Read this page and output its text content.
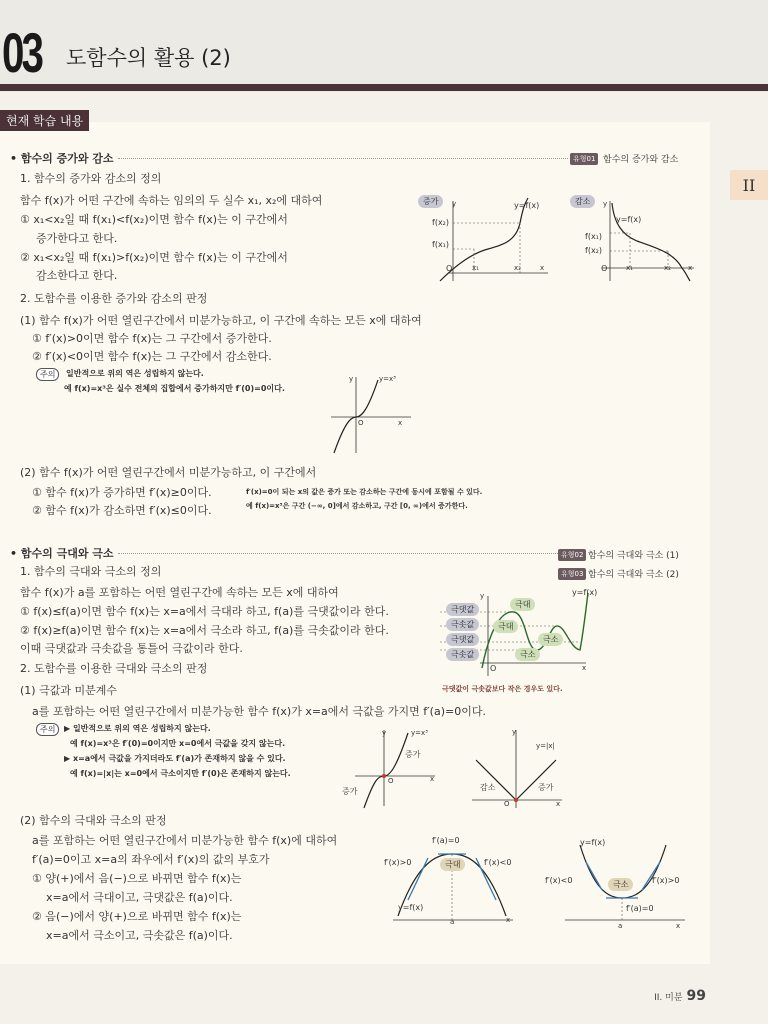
03 도함수의 활용 (2)
현재 학습 내용
II
• 함수의 증가와 감소	유형01 함수의 증가와 감소
1. 함수의 증가와 감소의 정의
함수 f(x)가 어떤 구간에 속하는 임의의 두 실수 x₁, x₂에 대하여
① x₁<x₂일 때 f(x₁)<f(x₂)이면 함수 f(x)는 이 구간에서
증가한다고 한다.
② x₁<x₂일 때 f(x₁)>f(x₂)이면 함수 f(x)는 이 구간에서
감소한다고 한다.
증가	y=f(x)
f(x₂)
f(x₁)
y
O	x₁	x₂	x
감소
y=f(x)
f(x₁)
f(x₂)
y
O	x₁	x₂ x
2. 도함수를 이용한 증가와 감소의 판정
(1) 함수 f(x)가 어떤 열린구간에서 미분가능하고, 이 구간에 속하는 모든 x에 대하여
① f′(x)>0이면 함수 f(x)는 그 구간에서 증가한다.
② f′(x)<0이면 함수 f(x)는 그 구간에서 감소한다.
주의	일반적으로 위의 역은 성립하지 않는다.
예 f(x)=x³은 실수 전체의 집합에서 증가하지만 f′(0)=0이다.
y=x³
y
O	x
(2) 함수 f(x)가 어떤 열린구간에서 미분가능하고, 이 구간에서
① 함수 f(x)가 증가하면 f′(x)≥0이다.
② 함수 f(x)가 감소하면 f′(x)≤0이다.
f′(x)=0이 되는 x의 값은 증가 또는 감소하는 구간에 동시에 포함될 수 있다.
예 f(x)=x³은 구간 (−∞, 0]에서 감소하고, 구간 [0, ∞)에서 증가한다.
• 함수의 극대와 극소	유형02 함수의 극대와 극소 (1)
유형03 함수의 극대와 극소 (2)
1. 함수의 극대와 극소의 정의
함수 f(x)가 a를 포함하는 어떤 열린구간에 속하는 모든 x에 대하여
① f(x)≤f(a)이면 함수 f(x)는 x=a에서 극대라 하고, f(a)를 극댓값이라 한다.
② f(x)≥f(a)이면 함수 f(x)는 x=a에서 극소라 하고, f(a)를 극솟값이라 한다.
이때 극댓값과 극솟값을 통틀어 극값이라 한다.
극댓값
극솟값
극댓값
극솟값
극대
극대
극소
극소
y=f(x)
y
O	x
극댓값이 극솟값보다 작은 경우도 있다.
2. 도함수를 이용한 극대와 극소의 판정
(1) 극값과 미분계수
a를 포함하는 어떤 열린구간에서 미분가능한 함수 f(x)가 x=a에서 극값을 가지면 f′(a)=0이다.
주의	▶ 일반적으로 위의 역은 성립하지 않는다.
예 f(x)=x³은 f′(0)=0이지만 x=0에서 극값을 갖지 않는다.
▶ x=a에서 극값을 가지더라도 f′(a)가 존재하지 않을 수 있다.
예 f(x)=|x|는 x=0에서 극소이지만 f′(0)은 존재하지 않는다.
y=x³
y
증가
증가
O	x
y=|x|
y
감소	증가
O	x
(2) 함수의 극대와 극소의 판정
a를 포함하는 어떤 열린구간에서 미분가능한 함수 f(x)에 대하여
f′(a)=0이고 x=a의 좌우에서 f′(x)의 값의 부호가
① 양(+)에서 음(−)으로 바뀌면 함수 f(x)는
x=a에서 극대이고, 극댓값은 f(a)이다.
② 음(−)에서 양(+)으로 바뀌면 함수 f(x)는
x=a에서 극소이고, 극솟값은 f(a)이다.
f′(a)=0
극대
f′(x)>0	f′(x)<0
y=f(x)
a	x
y=f(x)
극소
f′(x)<0	f′(x)>0
f′(a)=0
a	x
II. 미분 99
